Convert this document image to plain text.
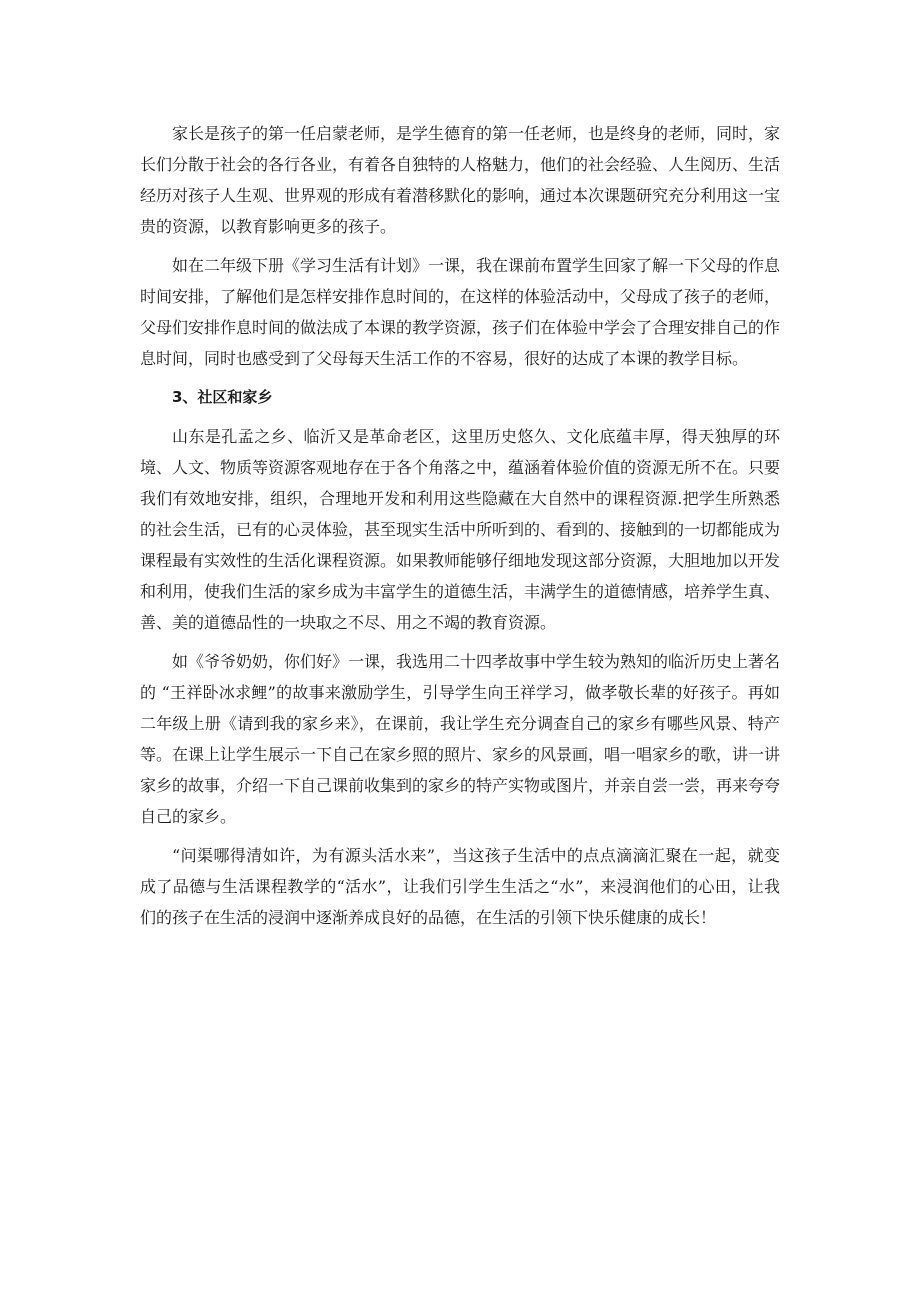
家长是孩子的第一任启蒙老师，是学生德育的第一任老师，也是终身的老师，同时，家长们分散于社会的各行各业，有着各自独特的人格魅力，他们的社会经验、人生阅历、生活经历对孩子人生观、世界观的形成有着潜移默化的影响，通过本次课题研究充分利用这一宝贵的资源，以教育影响更多的孩子。

如在二年级下册《学习生活有计划》一课，我在课前布置学生回家了解一下父母的作息时间安排，了解他们是怎样安排作息时间的，在这样的体验活动中，父母成了孩子的老师，父母们安排作息时间的做法成了本课的教学资源，孩子们在体验中学会了合理安排自己的作息时间，同时也感受到了父母每天生活工作的不容易，很好的达成了本课的教学目标。

3、社区和家乡

山东是孔孟之乡、临沂又是革命老区，这里历史悠久、文化底蕴丰厚，得天独厚的环境、人文、物质等资源客观地存在于各个角落之中，蕴涵着体验价值的资源无所不在。只要我们有效地安排，组织，合理地开发和利用这些隐藏在大自然中的课程资源.把学生所熟悉的社会生活，已有的心灵体验，甚至现实生活中所听到的、看到的、接触到的一切都能成为课程最有实效性的生活化课程资源。如果教师能够仔细地发现这部分资源，大胆地加以开发和利用，使我们生活的家乡成为丰富学生的道德生活，丰满学生的道德情感，培养学生真、善、美的道德品性的一块取之不尽、用之不竭的教育资源。

如《爷爷奶奶，你们好》一课，我选用二十四孝故事中学生较为熟知的临沂历史上著名的 “王祥卧冰求鲤”的故事来激励学生，引导学生向王祥学习，做孝敬长辈的好孩子。再如二年级上册《请到我的家乡来》，在课前，我让学生充分调查自己的家乡有哪些风景、特产等。在课上让学生展示一下自己在家乡照的照片、家乡的风景画，唱一唱家乡的歌，讲一讲家乡的故事，介绍一下自己课前收集到的家乡的特产实物或图片，并亲自尝一尝，再来夸夸自己的家乡。

“问渠哪得清如许，为有源头活水来”，当这孩子生活中的点点滴滴汇聚在一起，就变成了品德与生活课程教学的“活水”，让我们引学生生活之“水”，来浸润他们的心田，让我们的孩子在生活的浸润中逐渐养成良好的品德，在生活的引领下快乐健康的成长！
